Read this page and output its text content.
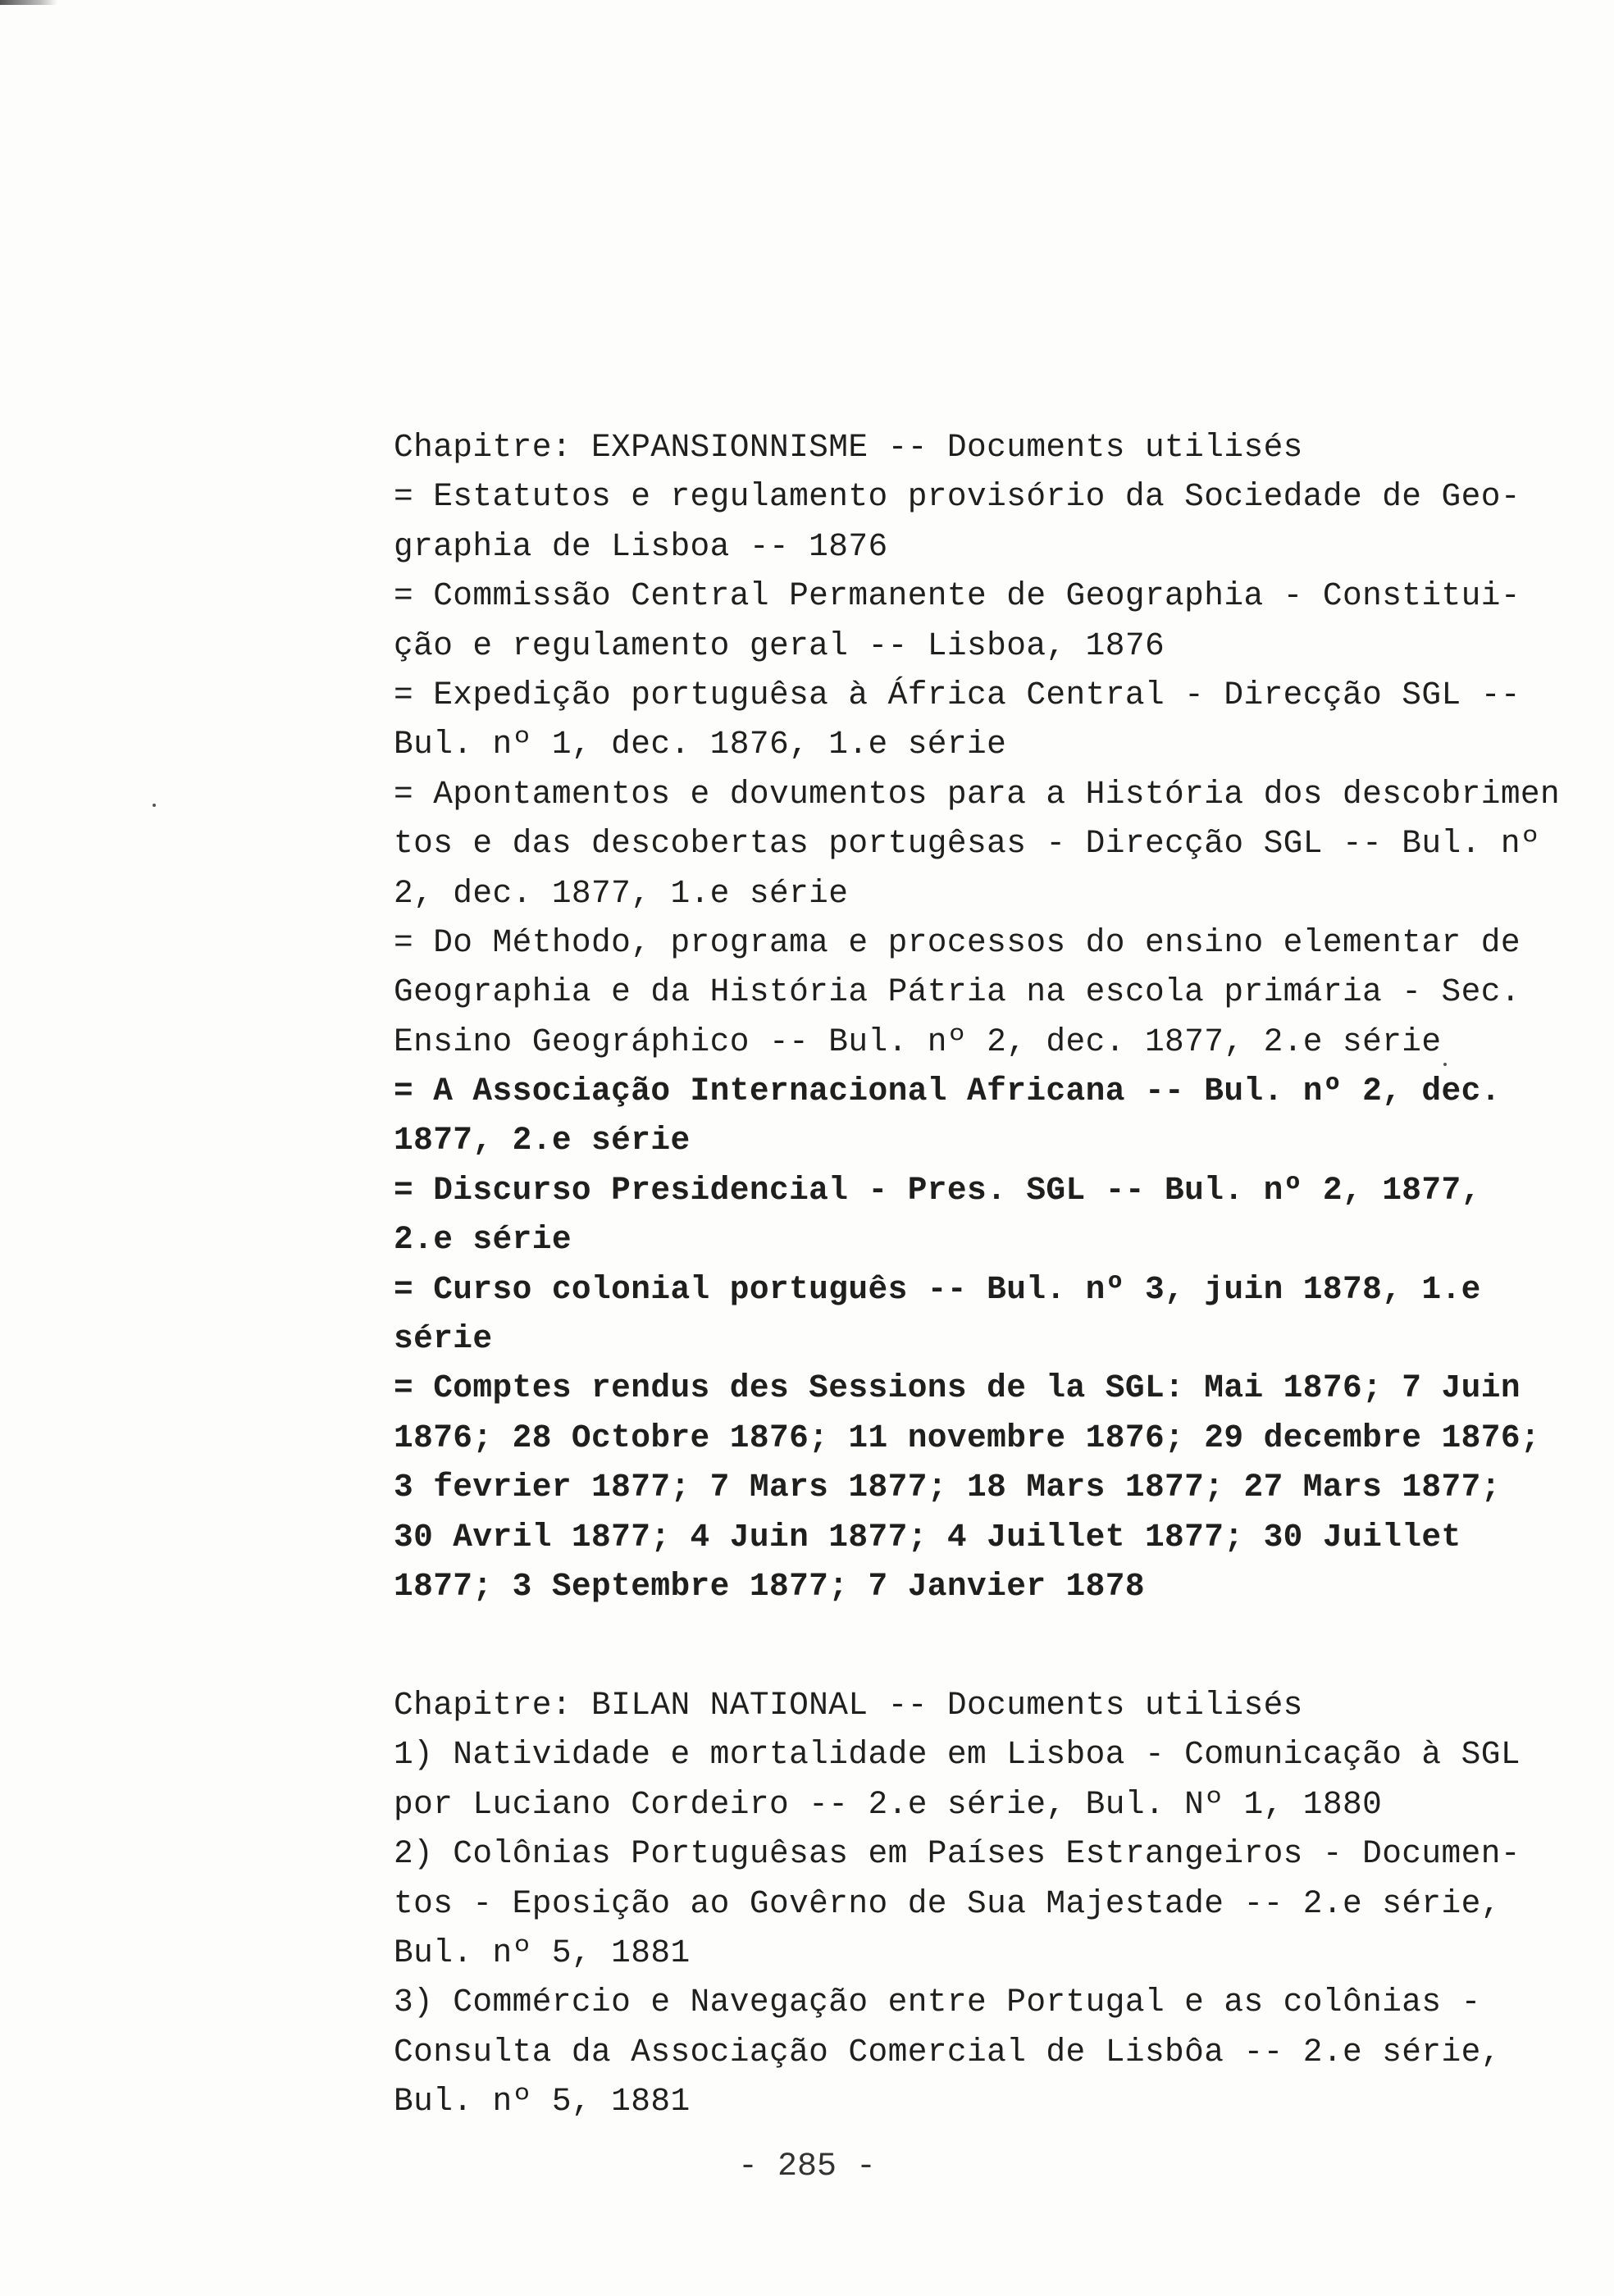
Chapitre: EXPANSIONNISME -- Documents utilisés
= Estatutos e regulamento provisório da Sociedade de Geo-
graphia de Lisboa -- 1876
= Commissão Central Permanente de Geographia - Constitui-
ção e regulamento geral -- Lisboa, 1876
= Expedição portuguêsa à África Central - Direcção SGL --
Bul. nº 1, dec. 1876, 1.e série
= Apontamentos e dovumentos para a História dos descobrimen
tos e das descobertas portugêsas - Direcção SGL -- Bul. nº
2, dec. 1877, 1.e série
= Do Méthodo, programa e processos do ensino elementar de
Geographia e da História Pátria na escola primária - Sec.
Ensino Geográphico -- Bul. nº 2, dec. 1877, 2.e série
= A Associação Internacional Africana -- Bul. nº 2, dec.
1877, 2.e série
= Discurso Presidencial - Pres. SGL -- Bul. nº 2, 1877,
2.e série
= Curso colonial português -- Bul. nº 3, juin 1878, 1.e
série
= Comptes rendus des Sessions de la SGL: Mai 1876; 7 Juin
1876; 28 Octobre 1876; 11 novembre 1876; 29 decembre 1876;
3 fevrier 1877; 7 Mars 1877; 18 Mars 1877; 27 Mars 1877;
30 Avril 1877; 4 Juin 1877; 4 Juillet 1877; 30 Juillet
1877; 3 Septembre 1877; 7 Janvier 1878
Chapitre: BILAN NATIONAL -- Documents utilisés
1) Natividade e mortalidade em Lisboa - Comunicação à SGL
por Luciano Cordeiro -- 2.e série, Bul. Nº 1, 1880
2) Colônias Portuguêsas em Países Estrangeiros - Documen-
tos - Eposição ao Govêrno de Sua Majestade -- 2.e série,
Bul. nº 5, 1881
3) Commércio e Navegação entre Portugal e as colônias -
Consulta da Associação Comercial de Lisbôa -- 2.e série,
Bul. nº 5, 1881
- 285 -
